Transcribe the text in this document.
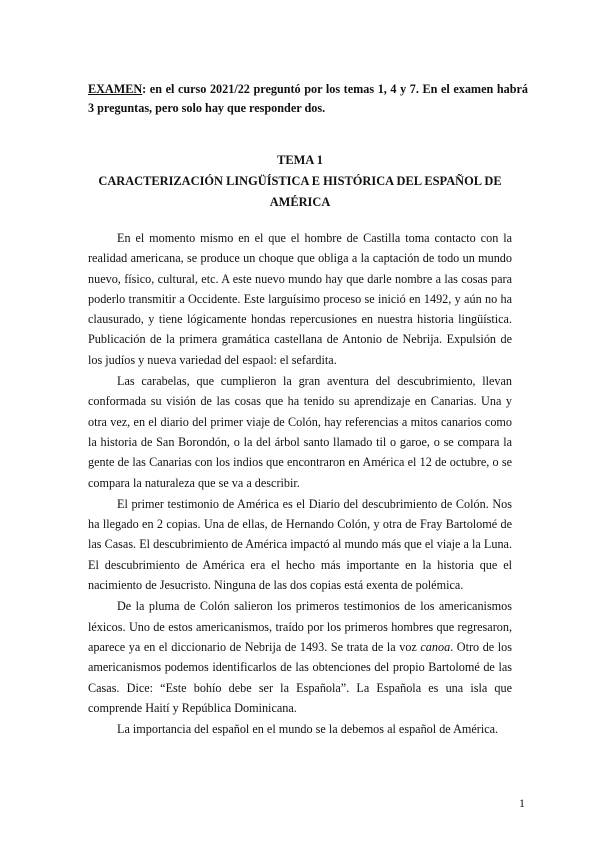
EXAMEN: en el curso 2021/22 preguntó por los temas 1, 4 y 7. En el examen habrá 3 preguntas, pero solo hay que responder dos.
TEMA 1
CARACTERIZACIÓN LINGÜÍSTICA E HISTÓRICA DEL ESPAÑOL DE AMÉRICA

En el momento mismo en el que el hombre de Castilla toma contacto con la realidad americana, se produce un choque que obliga a la captación de todo un mundo nuevo, físico, cultural, etc. A este nuevo mundo hay que darle nombre a las cosas para poderlo transmitir a Occidente. Este larguísimo proceso se inició en 1492, y aún no ha clausurado, y tiene lógicamente hondas repercusiones en nuestra historia lingüística. Publicación de la primera gramática castellana de Antonio de Nebrija. Expulsión de los judíos y nueva variedad del espaol: el sefardita.

Las carabelas, que cumplieron la gran aventura del descubrimiento, llevan conformada su visión de las cosas que ha tenido su aprendizaje en Canarias. Una y otra vez, en el diario del primer viaje de Colón, hay referencias a mitos canarios como la historia de San Borondón, o la del árbol santo llamado til o garoe, o se compara la gente de las Canarias con los indios que encontraron en América el 12 de octubre, o se compara la naturaleza que se va a describir.

El primer testimonio de América es el Diario del descubrimiento de Colón. Nos ha llegado en 2 copias. Una de ellas, de Hernando Colón, y otra de Fray Bartolomé de las Casas. El descubrimiento de América impactó al mundo más que el viaje a la Luna. El descubrimiento de América era el hecho más importante en la historia que el nacimiento de Jesucristo. Ninguna de las dos copias está exenta de polémica.

De la pluma de Colón salieron los primeros testimonios de los americanismos léxicos. Uno de estos americanismos, traído por los primeros hombres que regresaron, aparece ya en el diccionario de Nebrija de 1493. Se trata de la voz canoa. Otro de los americanismos podemos identificarlos de las obtenciones del propio Bartolomé de las Casas. Dice: “Este bohío debe ser la Española”. La Española es una isla que comprende Haití y República Dominicana.

La importancia del español en el mundo se la debemos al español de América.

1
